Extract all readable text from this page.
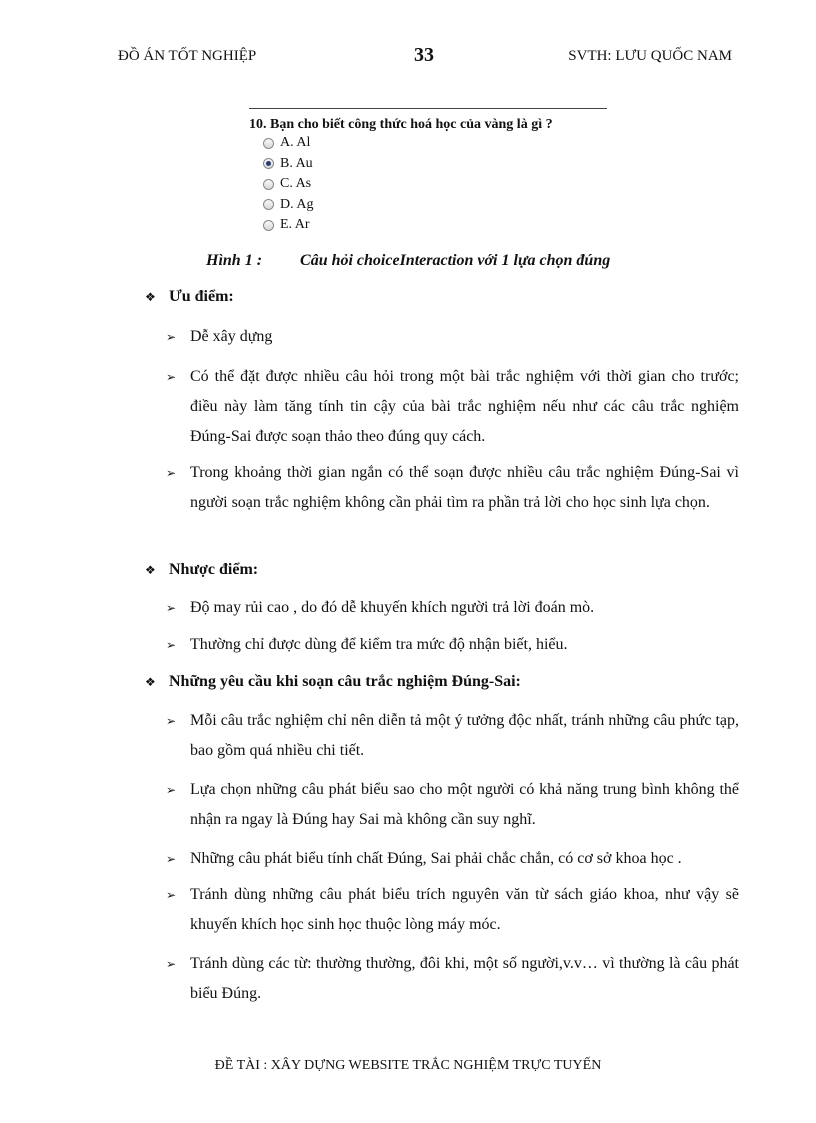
ĐỒ ÁN TỐT NGHIỆP	33	SVTH: LƯU QUỐC NAM
10. Bạn cho biết công thức hoá học của vàng là gì ?
A. Al
B. Au
C. As
D. Ag
E. Ar
Hình 1 : Câu hỏi choiceInteraction với 1 lựa chọn đúng
❖ Ưu điểm:
➢ Dễ xây dựng
➢ Có thể đặt được nhiều câu hỏi trong một bài trắc nghiệm với thời gian cho trước; điều này làm tăng tính tin cậy của bài trắc nghiệm nếu như các câu trắc nghiệm Đúng-Sai được soạn thảo theo đúng quy cách.
➢ Trong khoảng thời gian ngắn có thể soạn được nhiều câu trắc nghiệm Đúng-Sai vì người soạn trắc nghiệm không cần phải tìm ra phần trả lời cho học sinh lựa chọn.
❖ Nhược điểm:
➢ Độ may rủi cao , do đó dễ khuyến khích người trả lời đoán mò.
➢ Thường chỉ được dùng để kiểm tra mức độ nhận biết, hiểu.
❖ Những yêu cầu khi soạn câu trắc nghiệm Đúng-Sai:
➢ Mỗi câu trắc nghiệm chỉ nên diễn tả một ý tưởng độc nhất, tránh những câu phức tạp, bao gồm quá nhiều chi tiết.
➢ Lựa chọn những câu phát biểu sao cho một người có khả năng trung bình không thể nhận ra ngay là Đúng hay Sai mà không cần suy nghĩ.
➢ Những câu phát biểu tính chất Đúng, Sai phải chắc chắn, có cơ sở khoa học .
➢ Tránh dùng những câu phát biểu trích nguyên văn từ sách giáo khoa, như vậy sẽ khuyến khích học sinh học thuộc lòng máy móc.
➢ Tránh dùng các từ: thường thường, đôi khi, một số người,v.v… vì thường là câu phát biểu Đúng.
ĐỀ TÀI : XÂY DỰNG WEBSITE TRẮC NGHIỆM TRỰC TUYẾN
